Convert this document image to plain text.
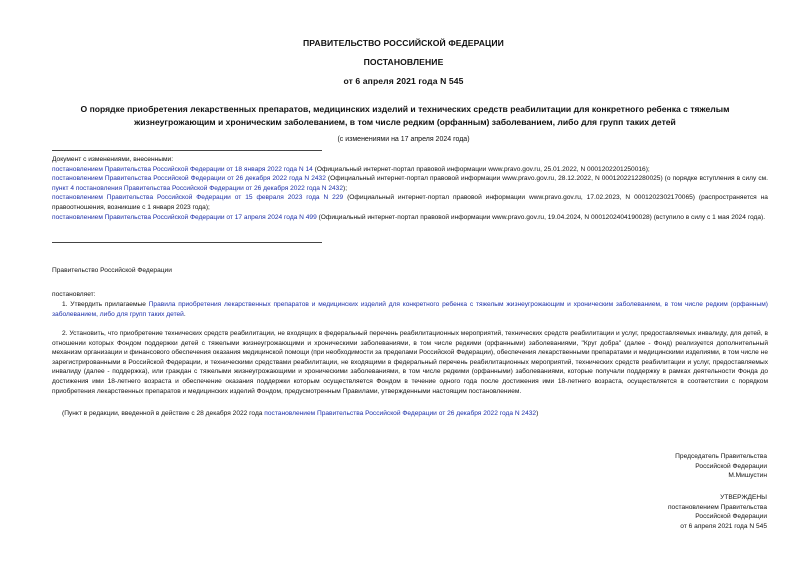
ПРАВИТЕЛЬСТВО РОССИЙСКОЙ ФЕДЕРАЦИИ
ПОСТАНОВЛЕНИЕ
от 6 апреля 2021 года N 545
О порядке приобретения лекарственных препаратов, медицинских изделий и технических средств реабилитации для конкретного ребенка с тяжелым жизнеугрожающим и хроническим заболеванием, в том числе редким (орфанным) заболеванием, либо для групп таких детей
(с изменениями на 17 апреля 2024 года)
Документ с изменениями, внесенными:
постановлением Правительства Российской Федерации от 18 января 2022 года N 14 (Официальный интернет-портал правовой информации www.pravo.gov.ru, 25.01.2022, N 0001202201250016);
постановлением Правительства Российской Федерации от 26 декабря 2022 года N 2432 (Официальный интернет-портал правовой информации www.pravo.gov.ru, 28.12.2022, N 0001202212280025) (о порядке вступления в силу см. пункт 4 постановления Правительства Российской Федерации от 26 декабря 2022 года N 2432);
постановлением Правительства Российской Федерации от 15 февраля 2023 года N 229 (Официальный интернет-портал правовой информации www.pravo.gov.ru, 17.02.2023, N 0001202302170065) (распространяется на правоотношения, возникшие с 1 января 2023 года);
постановлением Правительства Российской Федерации от 17 апреля 2024 года N 499 (Официальный интернет-портал правовой информации www.pravo.gov.ru, 19.04.2024, N 0001202404190028) (вступило в силу с 1 мая 2024 года).
Правительство Российской Федерации
постановляет:
1. Утвердить прилагаемые Правила приобретения лекарственных препаратов и медицинских изделий для конкретного ребенка с тяжелым жизнеугрожающим и хроническим заболеванием, в том числе редким (орфанным) заболеванием, либо для групп таких детей.
2. Установить, что приобретение технических средств реабилитации, не входящих в федеральный перечень реабилитационных мероприятий, технических средств реабилитации и услуг, предоставляемых инвалиду, для детей, в отношении которых Фондом поддержки детей с тяжелыми жизнеугрожающими и хроническими заболеваниями, в том числе редкими (орфанными) заболеваниями, "Круг добра" (далее - Фонд) реализуется дополнительный механизм организации и финансового обеспечения оказания медицинской помощи (при необходимости за пределами Российской Федерации), обеспечения лекарственными препаратами и медицинскими изделиями, в том числе не зарегистрированными в Российской Федерации, и техническими средствами реабилитации, не входящими в федеральный перечень реабилитационных мероприятий, технических средств реабилитации и услуг, предоставляемых инвалиду (далее - поддержка), или граждан с тяжелыми жизнеугрожающими и хроническими заболеваниями, в том числе редкими (орфанными) заболеваниями, которые получали поддержку в рамках деятельности Фонда до достижения ими 18-летнего возраста и обеспечение оказания поддержки которым осуществляется Фондом в течение одного года после достижения ими 18-летнего возраста, осуществляется в соответствии с порядком приобретения лекарственных препаратов и медицинских изделий Фондом, предусмотренным Правилами, утвержденными настоящим постановлением.
(Пункт в редакции, введенной в действие с 28 декабря 2022 года постановлением Правительства Российской Федерации от 26 декабря 2022 года N 2432)
Председатель Правительства
Российской Федерации
М.Мишустин
УТВЕРЖДЕНЫ
постановлением Правительства
Российской Федерации
от 6 апреля 2021 года N 545
